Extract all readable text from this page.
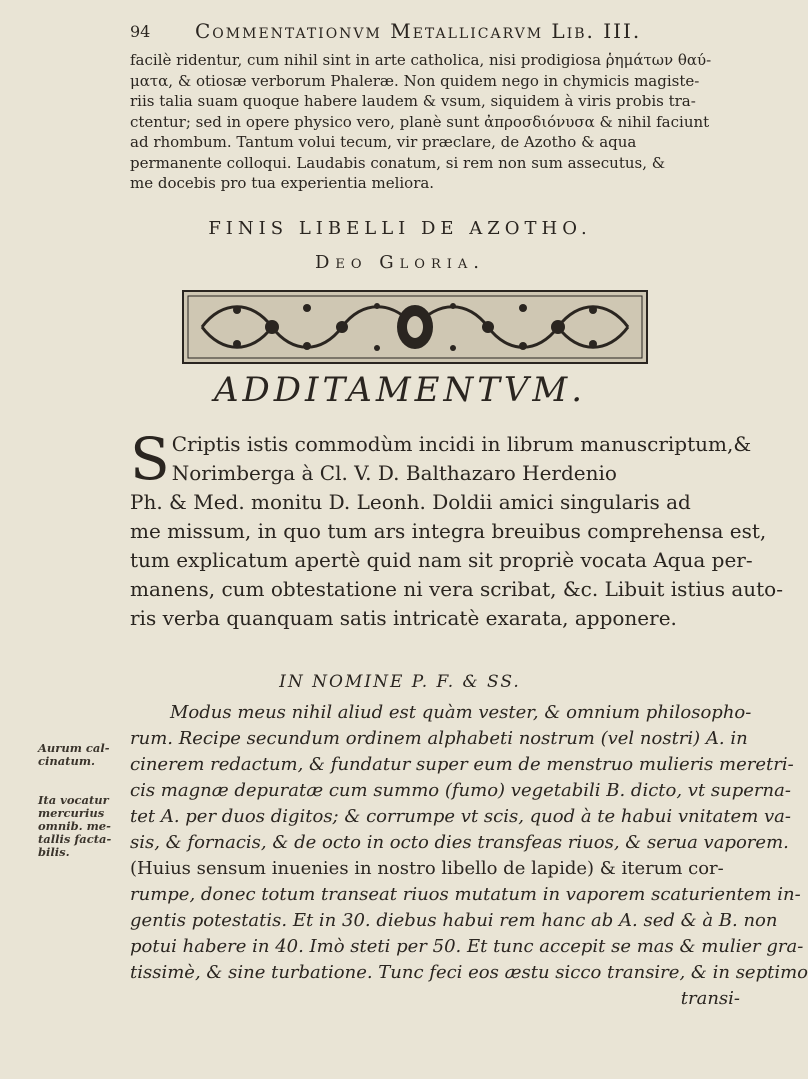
94 Commentationvm Metallicarvm Lib. III.
facilè ridentur, cum nihil sint in arte catholica, nisi prodigiosa ῥημάτων θαύ-
ματα, & otiosæ verborum Phaleræ. Non quidem nego in chymicis magiste-
riis talia suam quoque habere laudem & vsum, siquidem à viris probis tra-
ctentur; sed in opere physico vero, planè sunt ἀπροσδιόνυσα & nihil faciunt
ad rhombum. Tantum volui tecum, vir præclare, de Azotho & aqua
permanente colloqui. Laudabis conatum, si rem non sum assecutus, &
me docebis pro tua experientia meliora.
FINIS LIBELLI DE AZOTHO.
Deo Gloria.
ADDITAMENTVM.
S Criptis istis commodùm incidi in librum manuscriptum,&
Norimberga à Cl. V. D. Balthazaro Herdenio
Ph. & Med. monitu D. Leonh. Doldii amici singularis ad
me missum, in quo tum ars integra breuibus comprehensa est,
tum explicatum apertè quid nam sit propriè vocata Aqua per-
manens, cum obtestatione ni vera scribat, &c. Libuit istius auto-
ris verba quanquam satis intricatè exarata, apponere.
IN NOMINE P. F. & SS.
Modus meus nihil aliud est quàm vester, & omnium philosopho-
rum. Recipe secundum ordinem alphabeti nostrum (vel nostri) A. in
cinerem redactum, & fundatur super eum de menstruo mulieris meretri-
cis magnæ depuratæ cum summo (fumo) vegetabili B. dicto, vt superna-
tet A. per duos digitos; & corrumpe vt scis, quod à te habui vnitatem va-
sis, & fornacis, & de octo in octo dies transfeas riuos, & serua vaporem.
(Huius sensum inuenies in nostro libello de lapide) & iterum cor-
rumpe, donec totum transeat riuos mutatum in vaporem scaturientem in-
gentis potestatis. Et in 30. diebus habui rem hanc ab A. sed & à B. non
potui habere in 40. Imò steti per 50. Et tunc accepit se mas & mulier gra-
tissimè, & sine turbatione. Tunc feci eos æstu sicco transire, & in septimo
transi-
Aurum cal-
cinatum.
Ita vocatur
mercurius
omnib. me-
tallis facta-
bilis.
